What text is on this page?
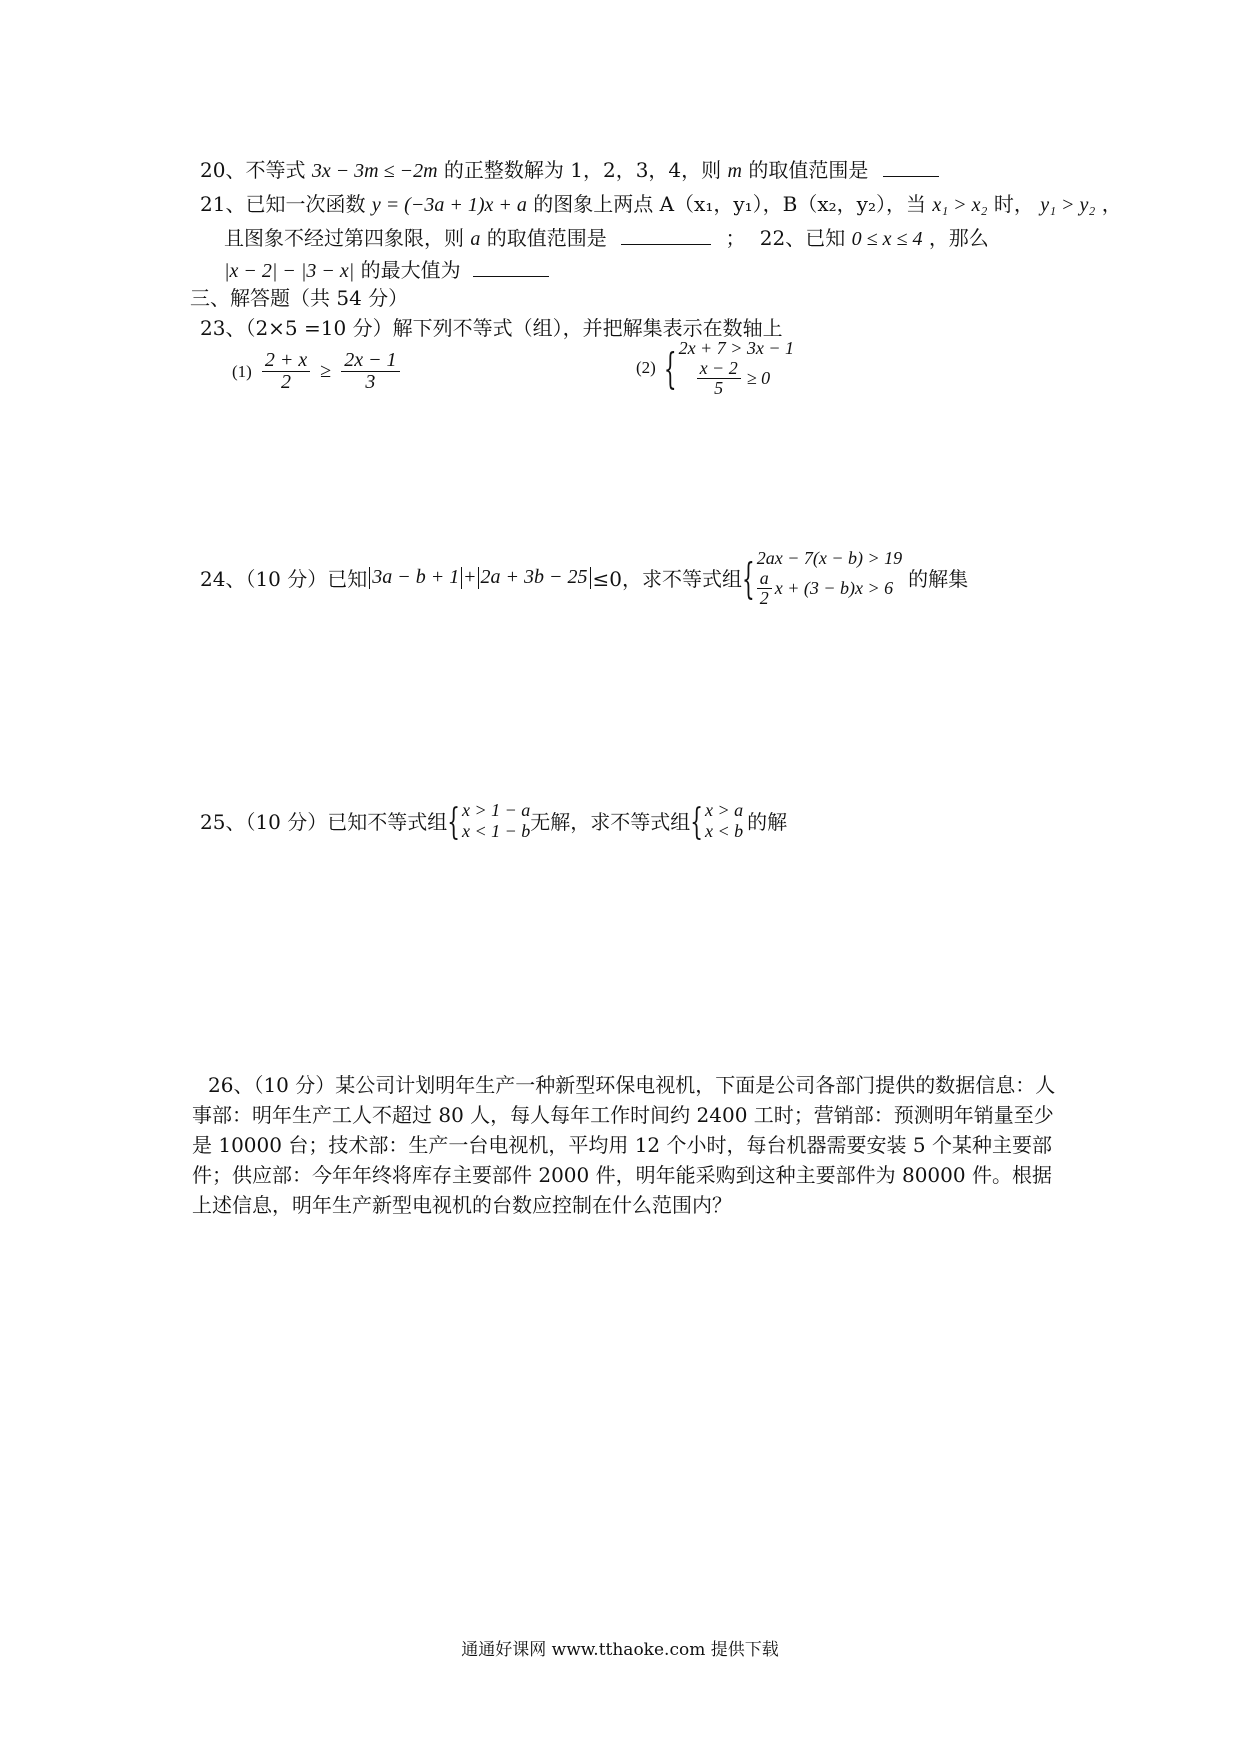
20、不等式 3x − 3m ≤ −2m 的正整数解为 1，2，3，4，则 m 的取值范围是
21、已知一次函数 y = (−3a + 1)x + a 的图象上两点 A（x₁，y₁），B（x₂，y₂），当 x₁ > x₂ 时， y₁ > y₂ ，
且图象不经过第四象限，则 a 的取值范围是	； 22、已知 0 ≤ x ≤ 4 ，那么
|x − 2| − |3 − x| 的最大值为
三、解答题（共 54 分）
23、（2×5 =10 分）解下列不等式（组），并把解集表示在数轴上
$(1) \frac{2 + x}{2} \ge \frac{2x - 1}{3}$	(2) { 2x + 7 > 3x − 1
$\frac{x - 2}{5} \ge 0$
24、（10 分）已知 3a − b + 1 + 2a + 3b − 25 ≤0，求不等式组 { 2ax − 7(x − b) > 19
$\frac{a}{2}$ x + (3 − b)x > 6 的解集
25、（10 分）已知不等式组 { x > 1 − a
x < 1 − b 无解，求不等式组 { x > a
x < b 的解
26、（10 分）某公司计划明年生产一种新型环保电视机，下面是公司各部门提供的数据信息：人事部：明年生产工人不超过 80 人，每人每年工作时间约 2400 工时；营销部：预测明年销量至少是 10000 台；技术部：生产一台电视机，平均用 12 个小时，每台机器需要安装 5 个某种主要部件；供应部：今年年终将库存主要部件 2000 件，明年能采购到这种主要部件为 80000 件。根据上述信息，明年生产新型电视机的台数应控制在什么范围内？
通通好课网 www.tthaoke.com 提供下载
